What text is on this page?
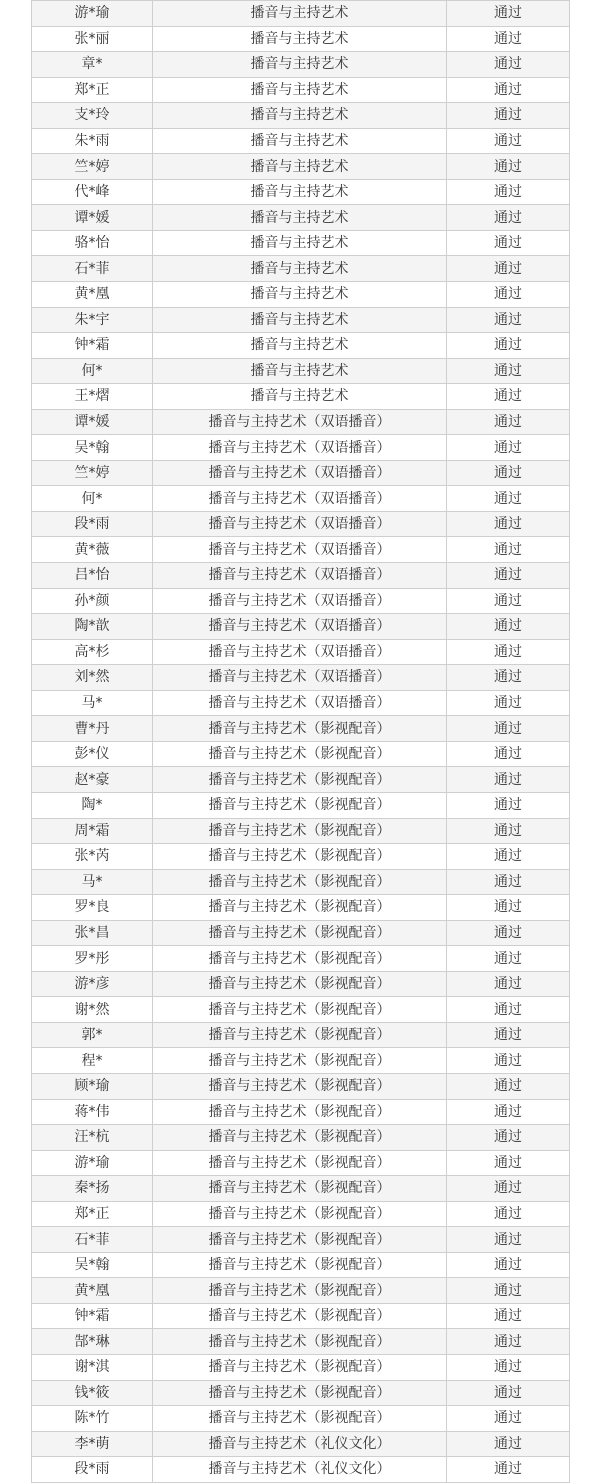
游*瑜	播音与主持艺术	通过
张*丽	播音与主持艺术	通过
章*	播音与主持艺术	通过
郑*正	播音与主持艺术	通过
支*玲	播音与主持艺术	通过
朱*雨	播音与主持艺术	通过
竺*婷	播音与主持艺术	通过
代*峰	播音与主持艺术	通过
谭*媛	播音与主持艺术	通过
骆*怡	播音与主持艺术	通过
石*菲	播音与主持艺术	通过
黄*凰	播音与主持艺术	通过
朱*宇	播音与主持艺术	通过
钟*霜	播音与主持艺术	通过
何*	播音与主持艺术	通过
王*熠	播音与主持艺术	通过
谭*媛	播音与主持艺术（双语播音）	通过
吴*翰	播音与主持艺术（双语播音）	通过
竺*婷	播音与主持艺术（双语播音）	通过
何*	播音与主持艺术（双语播音）	通过
段*雨	播音与主持艺术（双语播音）	通过
黄*薇	播音与主持艺术（双语播音）	通过
吕*怡	播音与主持艺术（双语播音）	通过
孙*颜	播音与主持艺术（双语播音）	通过
陶*歆	播音与主持艺术（双语播音）	通过
高*杉	播音与主持艺术（双语播音）	通过
刘*然	播音与主持艺术（双语播音）	通过
马*	播音与主持艺术（双语播音）	通过
曹*丹	播音与主持艺术（影视配音）	通过
彭*仪	播音与主持艺术（影视配音）	通过
赵*豪	播音与主持艺术（影视配音）	通过
陶*	播音与主持艺术（影视配音）	通过
周*霜	播音与主持艺术（影视配音）	通过
张*芮	播音与主持艺术（影视配音）	通过
马*	播音与主持艺术（影视配音）	通过
罗*良	播音与主持艺术（影视配音）	通过
张*昌	播音与主持艺术（影视配音）	通过
罗*彤	播音与主持艺术（影视配音）	通过
游*彦	播音与主持艺术（影视配音）	通过
谢*然	播音与主持艺术（影视配音）	通过
郭*	播音与主持艺术（影视配音）	通过
程*	播音与主持艺术（影视配音）	通过
顾*瑜	播音与主持艺术（影视配音）	通过
蒋*伟	播音与主持艺术（影视配音）	通过
汪*杭	播音与主持艺术（影视配音）	通过
游*瑜	播音与主持艺术（影视配音）	通过
秦*扬	播音与主持艺术（影视配音）	通过
郑*正	播音与主持艺术（影视配音）	通过
石*菲	播音与主持艺术（影视配音）	通过
吴*翰	播音与主持艺术（影视配音）	通过
黄*凰	播音与主持艺术（影视配音）	通过
钟*霜	播音与主持艺术（影视配音）	通过
郜*琳	播音与主持艺术（影视配音）	通过
谢*淇	播音与主持艺术（影视配音）	通过
钱*筱	播音与主持艺术（影视配音）	通过
陈*竹	播音与主持艺术（影视配音）	通过
李*萌	播音与主持艺术（礼仪文化）	通过
段*雨	播音与主持艺术（礼仪文化）	通过
